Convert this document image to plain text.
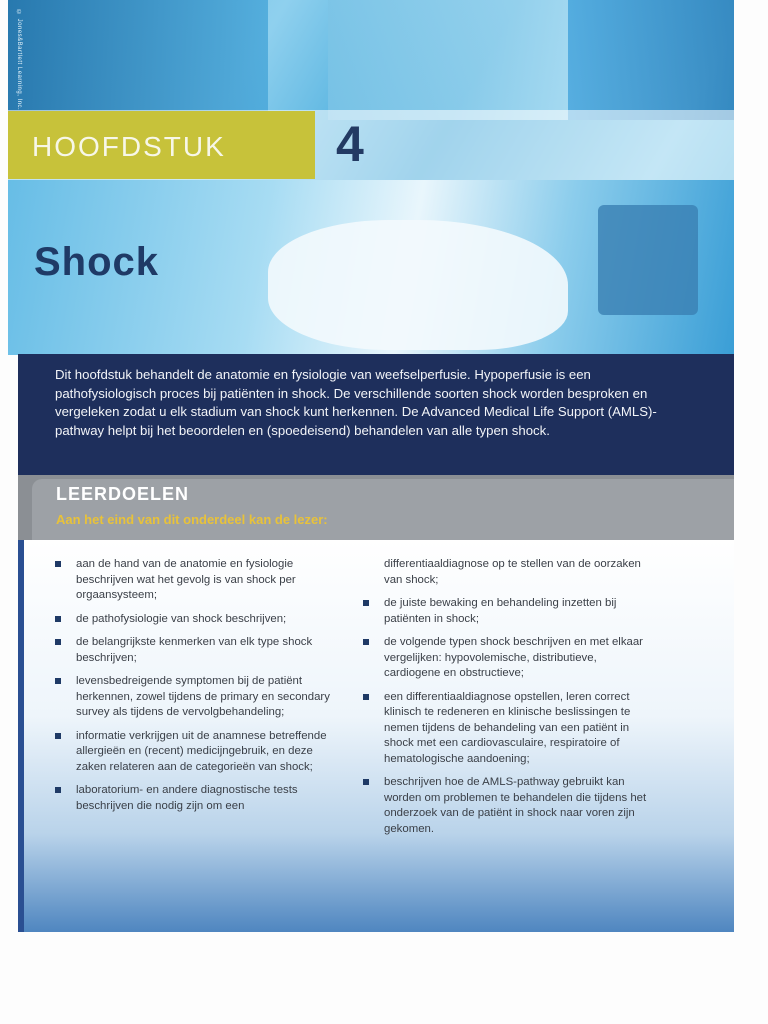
© Jones&Bartlett Learning, Inc.
HOOFDSTUK 4
Shock

Dit hoofdstuk behandelt de anatomie en fysiologie van weefselperfusie. Hypoperfusie is een pathofysiologisch proces bij patiënten in shock. De verschillende soorten shock worden besproken en vergeleken zodat u elk stadium van shock kunt herkennen. De Advanced Medical Life Support (AMLS)-pathway helpt bij het beoordelen en (spoedeisend) behandelen van alle typen shock.

LEERDOELEN
Aan het eind van dit onderdeel kan de lezer:
aan de hand van de anatomie en fysiologie beschrijven wat het gevolg is van shock per orgaansysteem;
de pathofysiologie van shock beschrijven;
de belangrijkste kenmerken van elk type shock beschrijven;
levensbedreigende symptomen bij de patiënt herkennen, zowel tijdens de primary en secondary survey als tijdens de vervolgbehandeling;
informatie verkrijgen uit de anamnese betreffende allergieën en (recent) medicijngebruik, en deze zaken relateren aan de categorieën van shock;
laboratorium- en andere diagnostische tests beschrijven die nodig zijn om een
differentiaaldiagnose op te stellen van de oorzaken van shock;
de juiste bewaking en behandeling inzetten bij patiënten in shock;
de volgende typen shock beschrijven en met elkaar vergelijken: hypovolemische, distributieve, cardiogene en obstructieve;
een differentiaaldiagnose opstellen, leren correct klinisch te redeneren en klinische beslissingen te nemen tijdens de behandeling van een patiënt in shock met een cardiovasculaire, respiratoire of hematologische aandoening;
beschrijven hoe de AMLS-pathway gebruikt kan worden om problemen te behandelen die tijdens het onderzoek van de patiënt in shock naar voren zijn gekomen.
